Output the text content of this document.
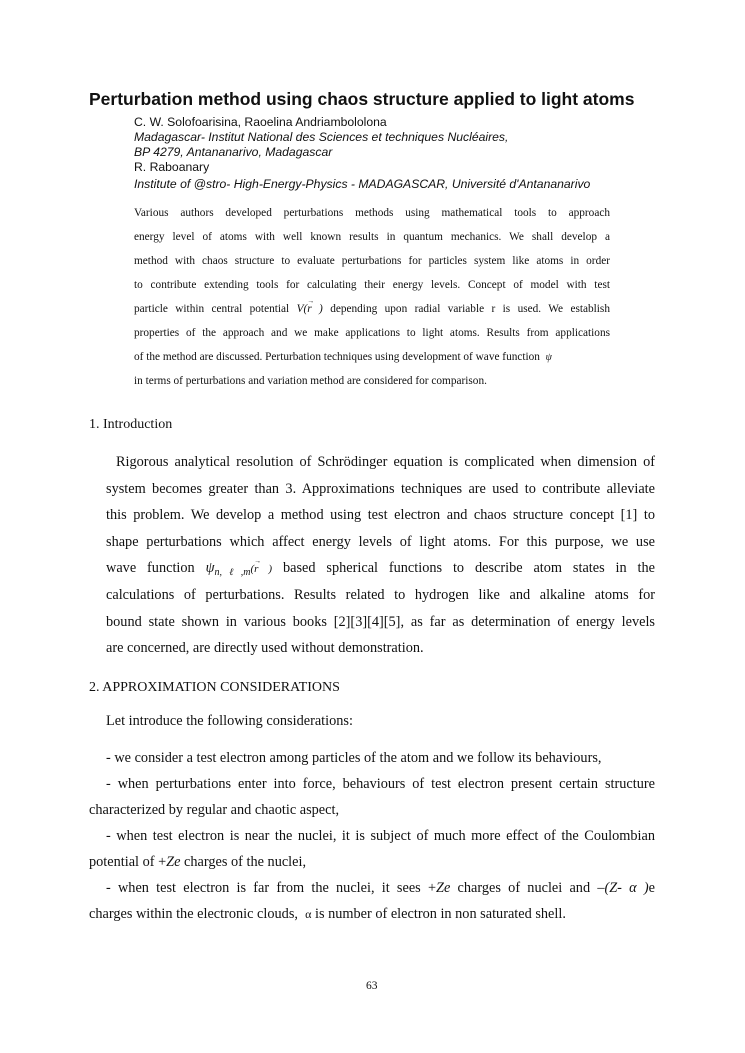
Perturbation method using chaos structure applied to light atoms
C. W. Solofoarisina, Raoelina Andriambololona
Madagascar- Institut National des Sciences et techniques Nucléaires,
BP 4279, Antananarivo, Madagascar
R. Raboanary
Institute of @stro- High-Energy-Physics - MADAGASCAR, Université d'Antananarivo
Various authors developed perturbations methods using mathematical tools to approach
energy level of atoms with well known results in quantum mechanics. We shall develop a
method with chaos structure to evaluate perturbations for particles system like atoms in order
to contribute extending tools for calculating their energy levels. Concept of model with test
particle within central potential V(→ r ) depending upon radial variable r is used. We establish
properties of the approach and we make applications to light atoms. Results from applications
of the method are discussed. Perturbation techniques using development of wave function ψ
in terms of perturbations and variation method are considered for comparison.
1. Introduction
Rigorous analytical resolution of Schrödinger equation is complicated when dimension of
system becomes greater than 3. Approximations techniques are used to contribute alleviate
this problem. We develop a method using test electron and chaos structure concept [1] to
shape perturbations which affect energy levels of light atoms. For this purpose, we use
wave function $\psi_{n,\ell,m}(\to r$ ) based spherical functions to describe atom states in the
calculations of perturbations. Results related to hydrogen like and alkaline atoms for
bound state shown in various books [2][3][4][5], as far as determination of energy levels
are concerned, are directly used without demonstration.
2. APPROXIMATION CONSIDERATIONS
Let introduce the following considerations:
- we consider a test electron among particles of the atom and we follow its behaviours,
- when perturbations enter into force, behaviours of test electron present certain structure
characterized by regular and chaotic aspect,
- when test electron is near the nuclei, it is subject of much more effect of the Coulombian
potential of +Ze charges of the nuclei,
- when test electron is far from the nuclei, it sees +Ze charges of nuclei and –(Z- α )e
charges within the electronic clouds, α is number of electron in non saturated shell.
63
